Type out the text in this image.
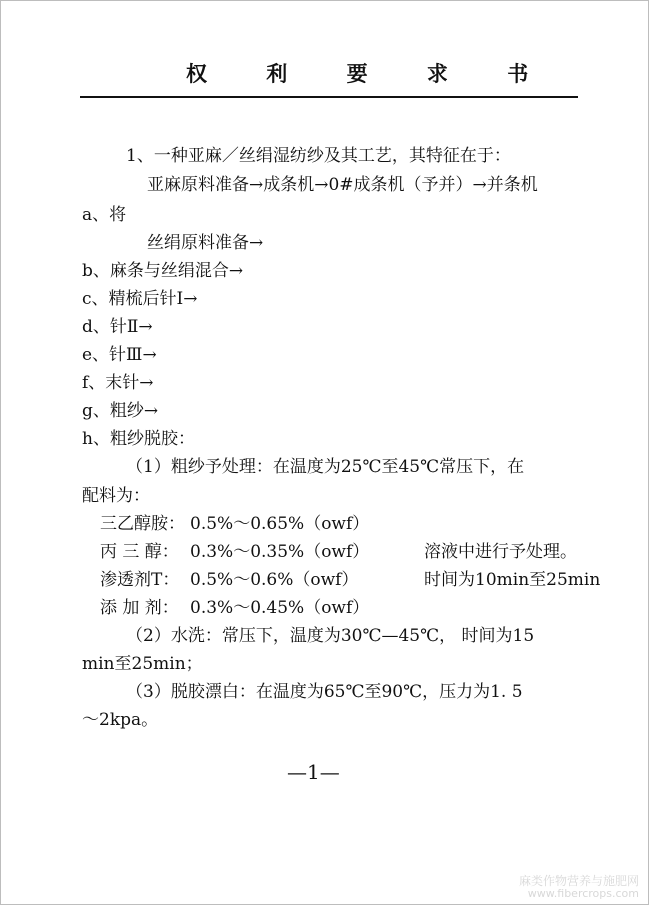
权 利 要 求 书
1、一种亚麻／丝绢湿纺纱及其工艺，其特征在于：
亚麻原料准备→成条机→0#成条机（予并）→并条机
a、将
丝绢原料准备→
b、麻条与丝绢混合→
c、精梳后针Ⅰ→
d、针Ⅱ→
e、针Ⅲ→
f、末针→
g、粗纱→
h、粗纱脱胶：
（1）粗纱予处理：在温度为25℃至45℃常压下，在
配料为：
三乙醇胺： 0.5%～0.65%（owf）
丙 三 醇： 0.3%～0.35%（owf）	溶液中进行予处理。
渗透剂T： 0.5%～0.6%（owf）	时间为10min至25min
添 加 剂： 0.3%～0.45%（owf）
（2）水洗：常压下，温度为30℃—45℃， 时间为15
min至25min；
（3）脱胶漂白：在温度为65℃至90℃，压力为1. 5
～2kpa。
—1—
麻类作物营养与施肥网
www.fibercrops.com
